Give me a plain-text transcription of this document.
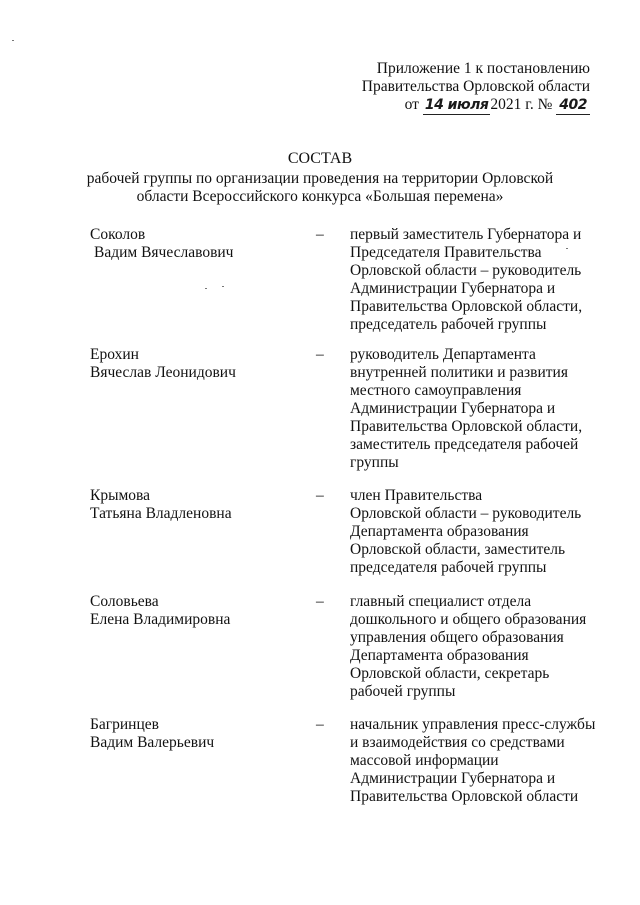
Приложение 1 к постановлению
Правительства Орловской области
от 14 июля 2021 г. № 402
СОСТАВ
рабочей группы по организации проведения на территории Орловской
области Всероссийского конкурса «Большая перемена»
Соколов
Вадим Вячеславович
–	первый заместитель Губернатора и
Председателя Правительства
Орловской области – руководитель
Администрации Губернатора и
Правительства Орловской области,
председатель рабочей группы
Ерохин
Вячеслав Леонидович
–	руководитель Департамента
внутренней политики и развития
местного самоуправления
Администрации Губернатора и
Правительства Орловской области,
заместитель председателя рабочей
группы
Крымова
Татьяна Владленовна
–	член Правительства
Орловской области – руководитель
Департамента образования
Орловской области, заместитель
председателя рабочей группы
Соловьева
Елена Владимировна
–	главный специалист отдела
дошкольного и общего образования
управления общего образования
Департамента образования
Орловской области, секретарь
рабочей группы
Багринцев
Вадим Валерьевич
–	начальник управления пресс-службы
и взаимодействия со средствами
массовой информации
Администрации Губернатора и
Правительства Орловской области
